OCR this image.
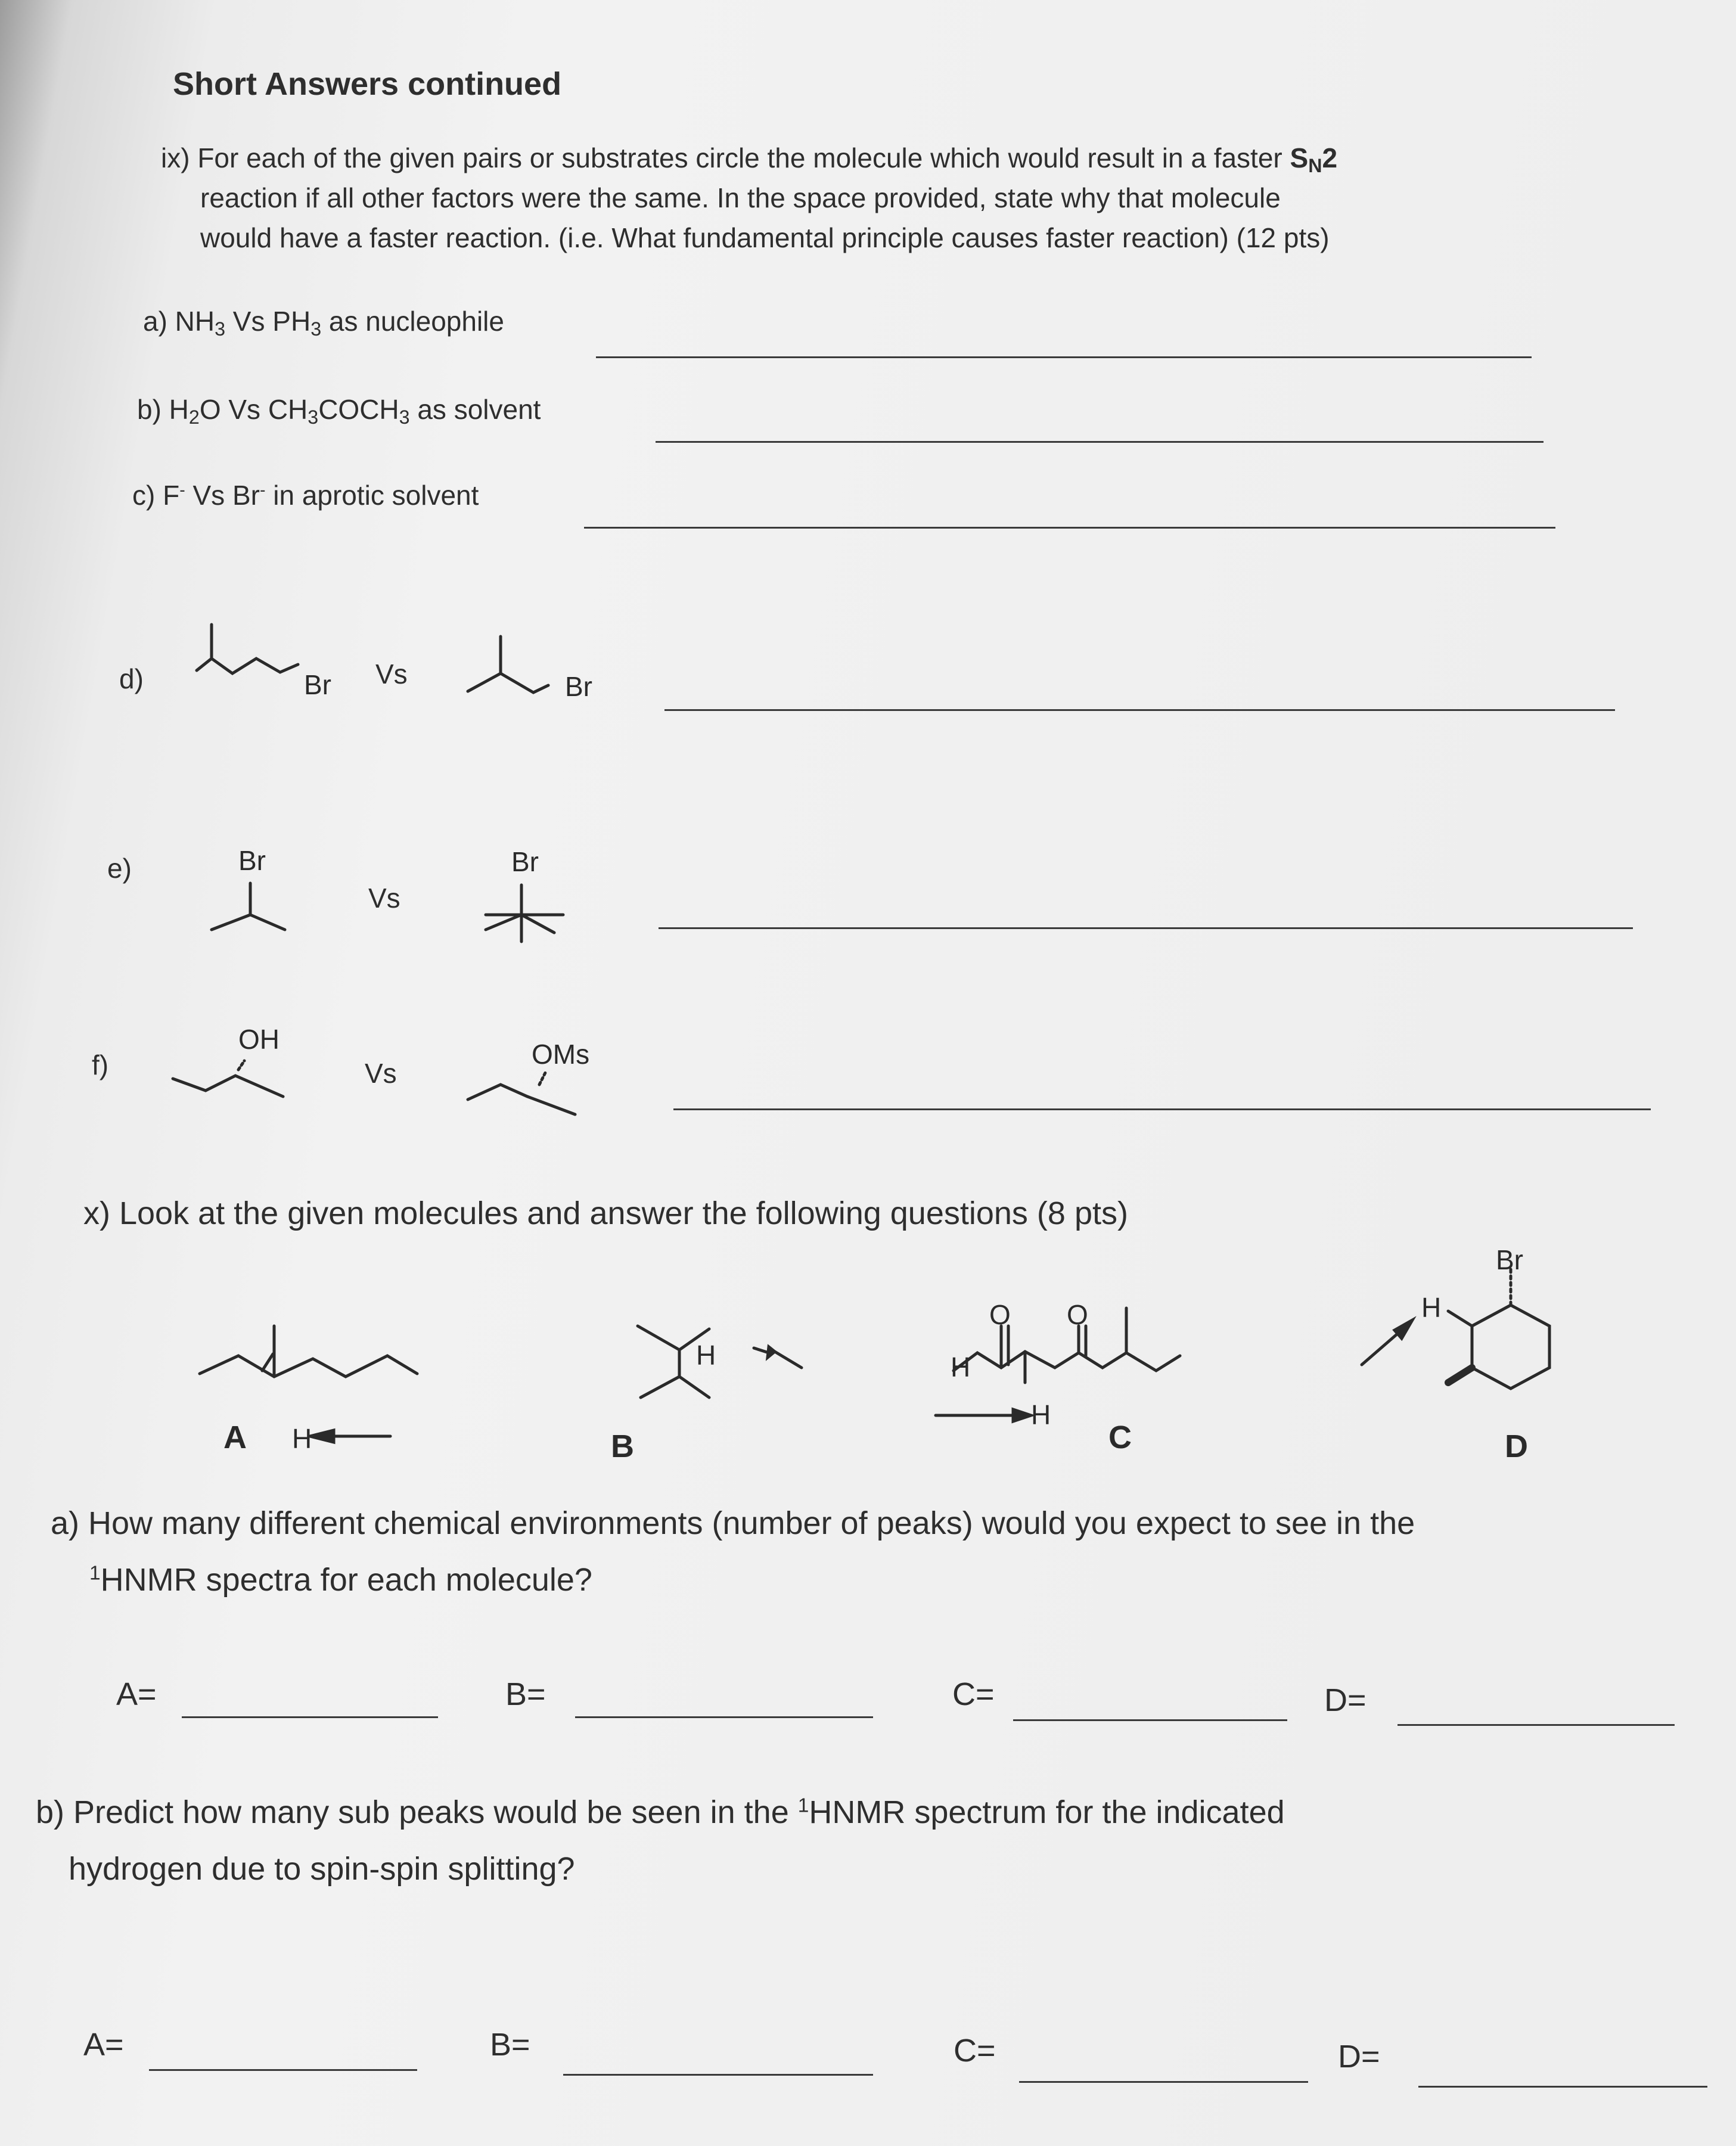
Short Answers continued
ix) For each of the given pairs or substrates circle the molecule which would result in a faster $S_N2$
reaction if all other factors were the same. In the space provided, state why that molecule
would have a faster reaction. (i.e. What fundamental principle causes faster reaction) (12 pts)
a) $NH_3$ Vs $PH_3$ as nucleophile
b) $H_2O$ Vs $CH_3COCH_3$ as solvent
c) F- Vs Br- in aprotic solvent
d)	Vs
e)
Vs
f)	Vs
Br	Br
Br	Br
OH	OMs
x) Look at the given molecules and answer the following questions (8 pts)
A H
H
B
O O
H
H
C
Br
H
D
a) How many different chemical environments (number of peaks) would you expect to see in the
$^1$HNMR spectra for each molecule?
A=	B=	C=	D=
b) Predict how many sub peaks would be seen in the $^1$HNMR spectrum for the indicated
hydrogen due to spin-spin splitting?
A=	B=	C=	D=
